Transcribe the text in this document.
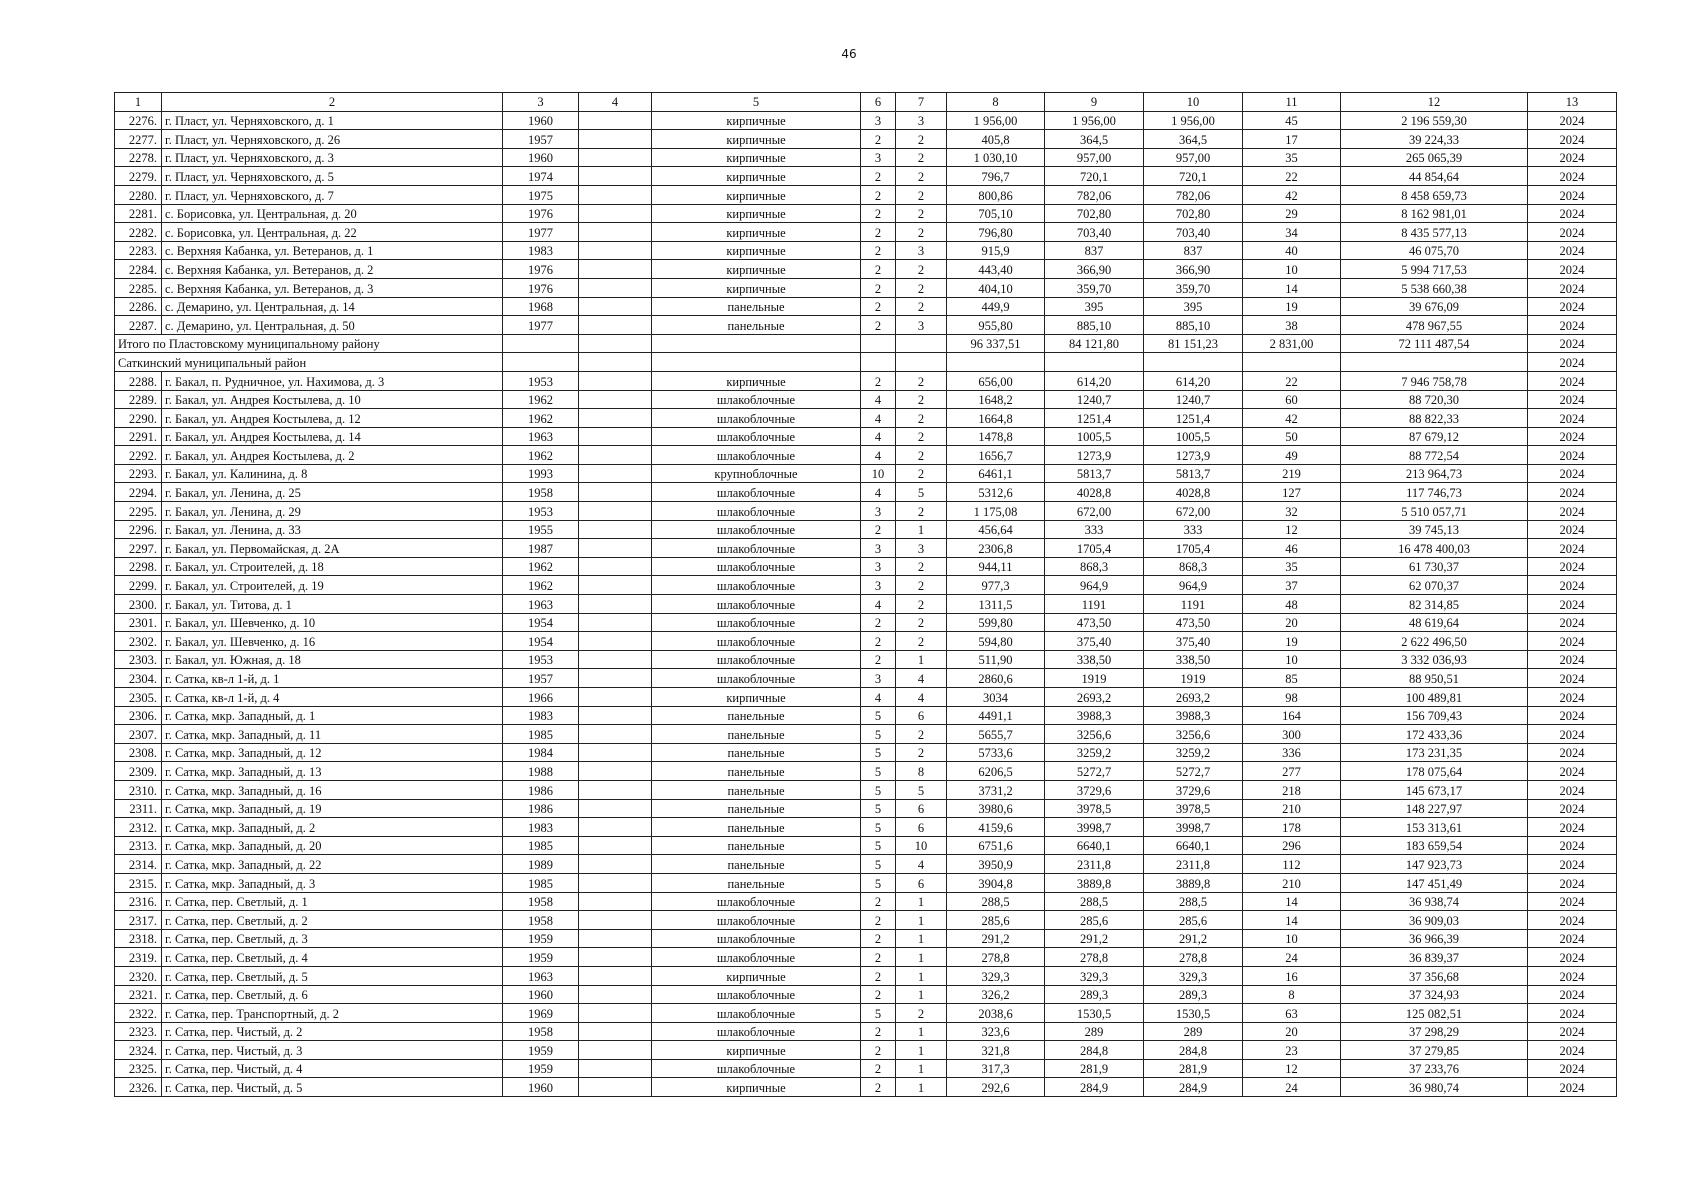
46
1	2	3	4	5	6	7	8	9	10	11	12	13
2276.	г. Пласт, ул. Черняховского, д. 1	1960		кирпичные	3	3	1 956,00	1 956,00	1 956,00	45	2 196 559,30	2024
2277.	г. Пласт, ул. Черняховского, д. 26	1957		кирпичные	2	2	405,8	364,5	364,5	17	39 224,33	2024
2278.	г. Пласт, ул. Черняховского, д. 3	1960		кирпичные	3	2	1 030,10	957,00	957,00	35	265 065,39	2024
2279.	г. Пласт, ул. Черняховского, д. 5	1974		кирпичные	2	2	796,7	720,1	720,1	22	44 854,64	2024
2280.	г. Пласт, ул. Черняховского, д. 7	1975		кирпичные	2	2	800,86	782,06	782,06	42	8 458 659,73	2024
2281.	с. Борисовка, ул. Центральная, д. 20	1976		кирпичные	2	2	705,10	702,80	702,80	29	8 162 981,01	2024
2282.	с. Борисовка, ул. Центральная, д. 22	1977		кирпичные	2	2	796,80	703,40	703,40	34	8 435 577,13	2024
2283.	с. Верхняя Кабанка, ул. Ветеранов, д. 1	1983		кирпичные	2	3	915,9	837	837	40	46 075,70	2024
2284.	с. Верхняя Кабанка, ул. Ветеранов, д. 2	1976		кирпичные	2	2	443,40	366,90	366,90	10	5 994 717,53	2024
2285.	с. Верхняя Кабанка, ул. Ветеранов, д. 3	1976		кирпичные	2	2	404,10	359,70	359,70	14	5 538 660,38	2024
2286.	с. Демарино, ул. Центральная, д. 14	1968		панельные	2	2	449,9	395	395	19	39 676,09	2024
2287.	с. Демарино, ул. Центральная, д. 50	1977		панельные	2	3	955,80	885,10	885,10	38	478 967,55	2024
Итого по Пластовскому муниципальному району							96 337,51	84 121,80	81 151,23	2 831,00	72 111 487,54	2024
Саткинский муниципальный район												2024
2288.	г. Бакал, п. Рудничное, ул. Нахимова, д. 3	1953		кирпичные	2	2	656,00	614,20	614,20	22	7 946 758,78	2024
2289.	г. Бакал, ул. Андрея Костылева, д. 10	1962		шлакоблочные	4	2	1648,2	1240,7	1240,7	60	88 720,30	2024
2290.	г. Бакал, ул. Андрея Костылева, д. 12	1962		шлакоблочные	4	2	1664,8	1251,4	1251,4	42	88 822,33	2024
2291.	г. Бакал, ул. Андрея Костылева, д. 14	1963		шлакоблочные	4	2	1478,8	1005,5	1005,5	50	87 679,12	2024
2292.	г. Бакал, ул. Андрея Костылева, д. 2	1962		шлакоблочные	4	2	1656,7	1273,9	1273,9	49	88 772,54	2024
2293.	г. Бакал, ул. Калинина, д. 8	1993		крупноблочные	10	2	6461,1	5813,7	5813,7	219	213 964,73	2024
2294.	г. Бакал, ул. Ленина, д. 25	1958		шлакоблочные	4	5	5312,6	4028,8	4028,8	127	117 746,73	2024
2295.	г. Бакал, ул. Ленина, д. 29	1953		шлакоблочные	3	2	1 175,08	672,00	672,00	32	5 510 057,71	2024
2296.	г. Бакал, ул. Ленина, д. 33	1955		шлакоблочные	2	1	456,64	333	333	12	39 745,13	2024
2297.	г. Бакал, ул. Первомайская, д. 2А	1987		шлакоблочные	3	3	2306,8	1705,4	1705,4	46	16 478 400,03	2024
2298.	г. Бакал, ул. Строителей, д. 18	1962		шлакоблочные	3	2	944,11	868,3	868,3	35	61 730,37	2024
2299.	г. Бакал, ул. Строителей, д. 19	1962		шлакоблочные	3	2	977,3	964,9	964,9	37	62 070,37	2024
2300.	г. Бакал, ул. Титова, д. 1	1963		шлакоблочные	4	2	1311,5	1191	1191	48	82 314,85	2024
2301.	г. Бакал, ул. Шевченко, д. 10	1954		шлакоблочные	2	2	599,80	473,50	473,50	20	48 619,64	2024
2302.	г. Бакал, ул. Шевченко, д. 16	1954		шлакоблочные	2	2	594,80	375,40	375,40	19	2 622 496,50	2024
2303.	г. Бакал, ул. Южная, д. 18	1953		шлакоблочные	2	1	511,90	338,50	338,50	10	3 332 036,93	2024
2304.	г. Сатка, кв-л 1-й, д. 1	1957		шлакоблочные	3	4	2860,6	1919	1919	85	88 950,51	2024
2305.	г. Сатка, кв-л 1-й, д. 4	1966		кирпичные	4	4	3034	2693,2	2693,2	98	100 489,81	2024
2306.	г. Сатка, мкр. Западный, д. 1	1983		панельные	5	6	4491,1	3988,3	3988,3	164	156 709,43	2024
2307.	г. Сатка, мкр. Западный, д. 11	1985		панельные	5	2	5655,7	3256,6	3256,6	300	172 433,36	2024
2308.	г. Сатка, мкр. Западный, д. 12	1984		панельные	5	2	5733,6	3259,2	3259,2	336	173 231,35	2024
2309.	г. Сатка, мкр. Западный, д. 13	1988		панельные	5	8	6206,5	5272,7	5272,7	277	178 075,64	2024
2310.	г. Сатка, мкр. Западный, д. 16	1986		панельные	5	5	3731,2	3729,6	3729,6	218	145 673,17	2024
2311.	г. Сатка, мкр. Западный, д. 19	1986		панельные	5	6	3980,6	3978,5	3978,5	210	148 227,97	2024
2312.	г. Сатка, мкр. Западный, д. 2	1983		панельные	5	6	4159,6	3998,7	3998,7	178	153 313,61	2024
2313.	г. Сатка, мкр. Западный, д. 20	1985		панельные	5	10	6751,6	6640,1	6640,1	296	183 659,54	2024
2314.	г. Сатка, мкр. Западный, д. 22	1989		панельные	5	4	3950,9	2311,8	2311,8	112	147 923,73	2024
2315.	г. Сатка, мкр. Западный, д. 3	1985		панельные	5	6	3904,8	3889,8	3889,8	210	147 451,49	2024
2316.	г. Сатка, пер. Светлый, д. 1	1958		шлакоблочные	2	1	288,5	288,5	288,5	14	36 938,74	2024
2317.	г. Сатка, пер. Светлый, д. 2	1958		шлакоблочные	2	1	285,6	285,6	285,6	14	36 909,03	2024
2318.	г. Сатка, пер. Светлый, д. 3	1959		шлакоблочные	2	1	291,2	291,2	291,2	10	36 966,39	2024
2319.	г. Сатка, пер. Светлый, д. 4	1959		шлакоблочные	2	1	278,8	278,8	278,8	24	36 839,37	2024
2320.	г. Сатка, пер. Светлый, д. 5	1963		кирпичные	2	1	329,3	329,3	329,3	16	37 356,68	2024
2321.	г. Сатка, пер. Светлый, д. 6	1960		шлакоблочные	2	1	326,2	289,3	289,3	8	37 324,93	2024
2322.	г. Сатка, пер. Транспортный, д. 2	1969		шлакоблочные	5	2	2038,6	1530,5	1530,5	63	125 082,51	2024
2323.	г. Сатка, пер. Чистый, д. 2	1958		шлакоблочные	2	1	323,6	289	289	20	37 298,29	2024
2324.	г. Сатка, пер. Чистый, д. 3	1959		кирпичные	2	1	321,8	284,8	284,8	23	37 279,85	2024
2325.	г. Сатка, пер. Чистый, д. 4	1959		шлакоблочные	2	1	317,3	281,9	281,9	12	37 233,76	2024
2326.	г. Сатка, пер. Чистый, д. 5	1960		кирпичные	2	1	292,6	284,9	284,9	24	36 980,74	2024
